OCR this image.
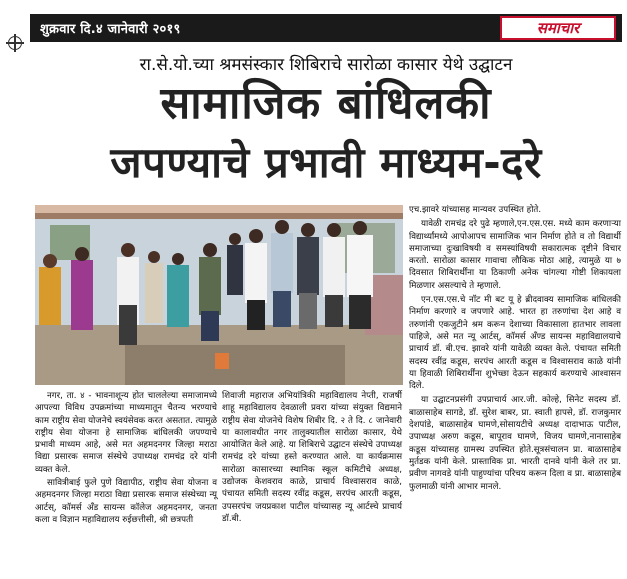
शुक्रवार दि.४ जानेवारी २०१९	समाचार
रा.से.यो.च्या श्रमसंस्कार शिबिराचे सारोळा कासार येथे उद्घाटन
सामाजिक बांधिलकी
जपण्याचे प्रभावी माध्यम-दरे

नगर, ता. ४ - भावनाशून्य होत चाललेल्या समाजामध्ये आपल्या विविध उपक्रमांच्या माध्यमातून चैतन्य भरण्याचे काम राष्ट्रीय सेवा योजनेचे स्वयंसेवक करत असतात. त्यामुळे राष्ट्रीय सेवा योजना हे सामाजिक बांधिलकी जपण्याचे प्रभावी माध्यम आहे, असे मत अहमदनगर जिल्हा मराठा विद्या प्रसारक समाज संस्थेचे उपाध्यक्ष रामचंद्र दरे यांनी व्यक्त केले.

सावित्रीबाई फुले पुणे विद्यापीठ, राष्ट्रीय सेवा योजना व अहमदनगर जिल्हा मराठा विद्या प्रसारक समाज संस्थेच्या न्यू आर्टस्, कॉमर्स अँड सायन्स कॉलेज अहमदनगर, जनता कला व विज्ञान महाविद्यालय रुईछत्तीसी, श्री छत्रपती

शिवाजी महाराज अभियांत्रिकी महाविद्यालय नेप्ती, राजर्षी शाहू महाविद्यालय देवळाली प्रवरा यांच्या संयुक्त विद्यमाने राष्ट्रीय सेवा योजनेचे विशेष शिबीर दि. २ ते दि. ८ जानेवारी या कालावधीत नगर तालुक्यातील सारोळा कासार, येथे आयोजित केले आहे. या शिबिराचे उद्घाटन संस्थेचे उपाध्यक्ष रामचंद्र दरे यांच्या हस्ते करण्यात आले. या कार्यक्रमास सारोळा कासारच्या स्थानिक स्कूल कमिटीचे अध्यक्ष, उद्योजक केशवराव काळे, प्राचार्य विश्वासराव काळे, पंचायत समिती सदस्य रवींद्र कडूस, सरपंच आरती कडूस, उपसरपंच जयप्रकाश पाटील यांच्यासह न्यू आर्टस्चे प्राचार्य डॉ.बी.

एच.झावरे यांच्यासह मान्यवर उपस्थित होते.

यावेळी रामचंद्र दरे पुढे म्हणाले,एन.एस.एस. मध्ये काम करणाऱ्या विद्यार्थ्यांमध्ये आपोआपच सामाजिक भान निर्माण होते व तो विद्यार्थी समाजाच्या दुःखाविषयी व समस्यांविषयी सकारात्मक दृष्टीने विचार करतो. सारोळा कासार गावाचा लौकिक मोठा आहे, त्यामुळे या ७ दिवसात शिबिरार्थींना या ठिकाणी अनेक चांगल्या गोष्टी शिकायला मिळणार असल्याचे ते म्हणाले.

एन.एस.एस.चे नॉट मी बट यू हे ब्रीदवाक्य सामाजिक बांधिलकी निर्माण करणारे व जपणारे आहे. भारत हा तरुणांचा देश आहे व तरुणांनी एकजुटीने श्रम करून देशाच्या विकासाला हातभार लावला पाहिजे, असे मत न्यू आर्टस्, कॉमर्स अँण्ड सायन्स महाविद्यालयाचे प्राचार्य डॉ. बी.एच. झावरे यांनी यावेळी व्यक्त केले. पंचायत समिती सदस्य रवींद्र कडूस, सरपंच आरती कडूस व विश्वासराव काळे यांनी या हिवाळी शिबिरार्थींना शुभेच्छा देऊन सहकार्य करण्याचे आश्वासन दिले.

या उद्घाटनप्रसंगी उपप्राचार्य आर.जी. कोल्हे, सिनेट सदस्य डॉ. बाळासाहेब सागडे, डॉ. सुरेश बाबर, प्रा. स्वाती हापसे, डॉ. राजकुमार देशपांडे, बाळासाहेब घामणे,सोसायटीचे अध्यक्ष दादाभाऊ पाटील, उपाध्यक्ष अरुण कडूस, बापूराव घामणे, विजय घामणे,नानासाहेब कडूस यांच्यासह ग्रामस्थ उपस्थित होते.सूत्रसंचालन प्रा. बाळासाहेब मुर्तडक यांनी केले. प्रास्ताविक प्रा. भारती दानवे यांनी केले तर प्रा. प्रवीण नागवडे यांनी पाहुण्यांचा परिचय करून दिला व प्रा. बाळासाहेब फुलमाळी यांनी आभार मानले.
